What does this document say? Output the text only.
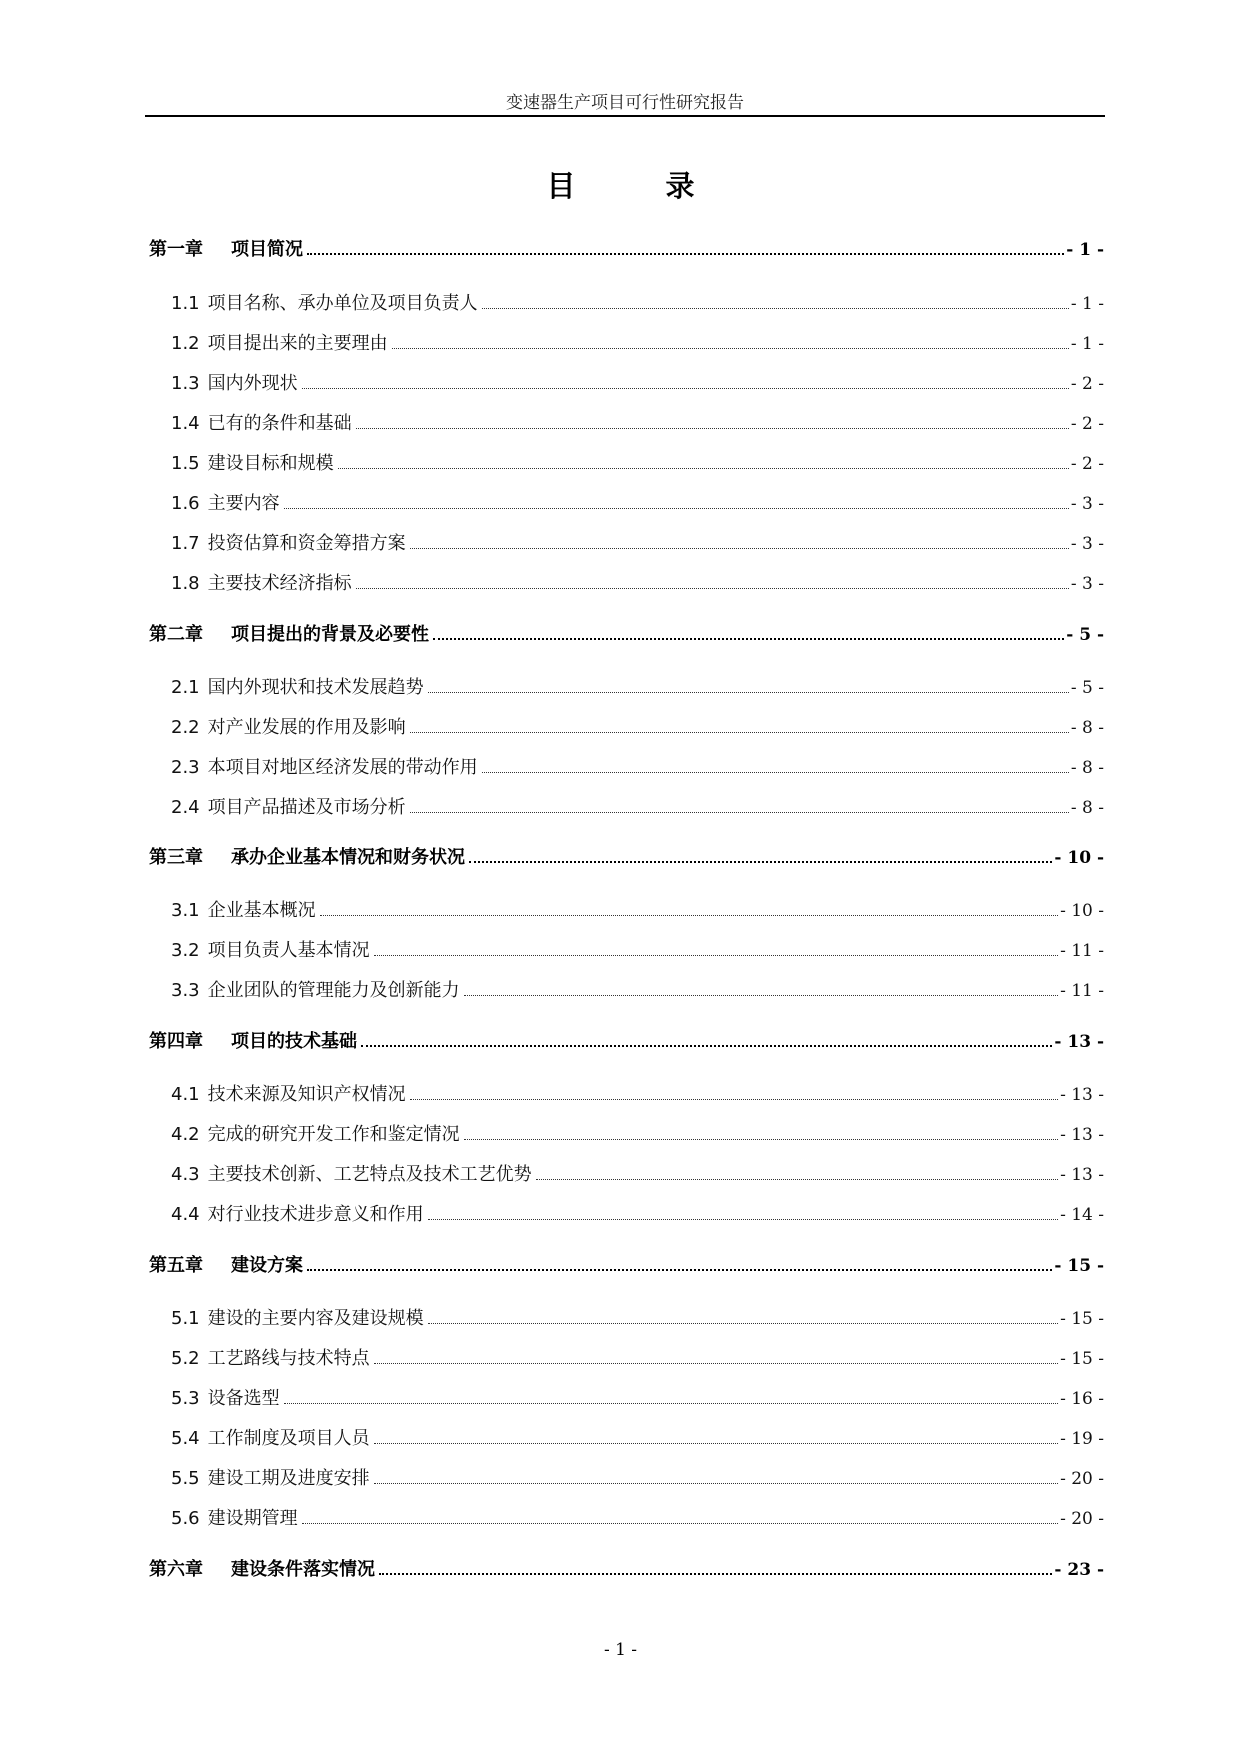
变速器生产项目可行性研究报告
目	录
第一章	项目简况	- 1 -
1.1 项目名称、承办单位及项目负责人	- 1 -
1.2 项目提出来的主要理由	- 1 -
1.3 国内外现状	- 2 -
1.4 已有的条件和基础	- 2 -
1.5 建设目标和规模	- 2 -
1.6 主要内容	- 3 -
1.7 投资估算和资金筹措方案	- 3 -
1.8 主要技术经济指标	- 3 -
第二章	项目提出的背景及必要性	- 5 -
2.1 国内外现状和技术发展趋势	- 5 -
2.2 对产业发展的作用及影响	- 8 -
2.3 本项目对地区经济发展的带动作用	- 8 -
2.4 项目产品描述及市场分析	- 8 -
第三章	承办企业基本情况和财务状况	- 10 -
3.1 企业基本概况	- 10 -
3.2 项目负责人基本情况	- 11 -
3.3 企业团队的管理能力及创新能力	- 11 -
第四章	项目的技术基础	- 13 -
4.1 技术来源及知识产权情况	- 13 -
4.2 完成的研究开发工作和鉴定情况	- 13 -
4.3 主要技术创新、工艺特点及技术工艺优势	- 13 -
4.4 对行业技术进步意义和作用	- 14 -
第五章	建设方案	- 15 -
5.1 建设的主要内容及建设规模	- 15 -
5.2 工艺路线与技术特点	- 15 -
5.3 设备选型	- 16 -
5.4 工作制度及项目人员	- 19 -
5.5 建设工期及进度安排	- 20 -
5.6 建设期管理	- 20 -
第六章	建设条件落实情况	- 23 -
- 1 -
